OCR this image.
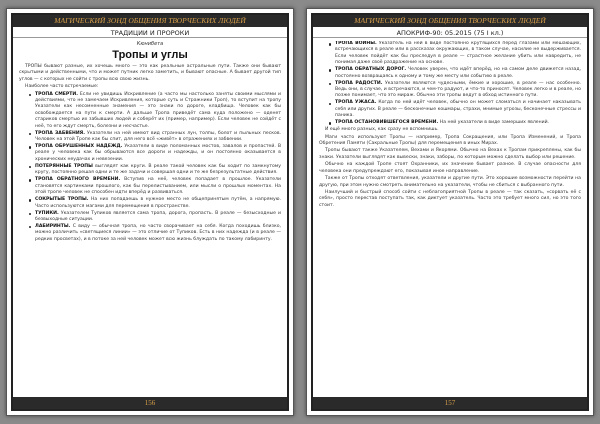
МАГИЧЕСКИЙ ЗОНД ОБЩЕНИЯ ТВОРЧЕСКИХ ЛЮДЕЙ
ТРАДИЦИИ И ПРОРОКИ
Кюнибета
Тропы и углы
ТРОПЫ бывают разные, их хочешь много — это как реальные астральные пути. Также они бывают скрытыми и действенными, что и может путник легко заметить, и бывают опасные. А бывает другой тип углов — с которых не сойти с тропы всю свою жизнь.
Наиболее часто встречаемые:
ТРОПА СМЕРТИ. Если не увидишь Искривление (а часто мы настолько заняты своими мыслями и действиями, что не замечаем Искривления, которые суть и Стражники Троп), то вступит на тропу Указатели как несомненные знамения — это знаки по дороге, кладбища. Человек как бы освобождается на пути к смерти. А дальше Тропа приведёт сама куда положено — оденет стариков смертью их забывших людей и соберёт их (пример, например). Если человек не сойдёт с неё, то его ждут смерть, болезни и несчастье.
ТРОПА ЗАБВЕНИЯ. Указатели на ней имеют вид странных лун, толпы, болот и пыльных песков. Человек на этой Тропе как бы спит, для него всё «живёт» в отражениях и забвении.
ТРОПА ОБРУШЕННЫХ НАДЕЖД. Указатели в виде поломанных мостов, завалов и пропастей. В реале у человека как бы обрываются все дороги и надежды, и он постоянно оказывается в хронических неудачах и невезении.
ПОТЕРЯННЫЕ ТРОПЫ выглядят как круги. В реале такой человек как бы ходит по замкнутому кругу, постоянно решая одни и те же задачи и совершая одни и те же безрезультатные действия.
ТРОПА ОБРАТНОГО ВРЕМЕНИ. Вступив на неё, человек попадает в прошлое. Указатели становятся картинками прошлого, как бы перелистыванием, или мысли о прошлых моментах. На этой тропе человек не способен идти вперёд и развиваться.
СОКРЫТЫЕ ТРОПЫ. На них попадаешь в нужное место не общепринятым путём, а напрямую. Часто используются магами для перемещения в пространстве.
ТУПИКИ. Указателем Тупиков является сама тропа, дорога, пропасть. В реале — безысходные и безвыходные ситуации.
ЛАБИРИНТЫ. С виду — обычная тропа, но часто сворачивает на себя. Когда походишь близко, можно различить «светящиеся линии» — это отличие от Тупиков. Есть в них надежда (и в реале — редких просветах), и в потоке за ней человек может всю жизнь блуждать по такому лабиринту.
156
МАГИЧЕСКИЙ ЗОНД ОБЩЕНИЯ ТВОРЧЕСКИХ ЛЮДЕЙ
АПОКРИФ-90: 05.2015 (75 I кл.)
ТРОПА ВОЙНЫ. Указатель на ней в виде постоянно крутящихся перед глазами или мешающих, встречающихся в реале или в рассказах окружающих, в таком случае, насилие не выдерживается. Если человек пойдёт как бы преследуя в реале — страстное желание убить или навредить, не понимая даже своё раздражение на основе.
ТРОПА ОБРАТНЫХ ДОРОГ. Человек уверен, что идёт вперёд, но на самом деле движется назад, постоянно возвращаясь к одному и тому же месту или событию в реале.
ТРОПА РАДОСТИ. Указатели являются чудесными, ёмкие и хорошие, в реале — нас особенно. Ведь они, в случае, и встречаются, и чем-то радуют, и что-то приносят. Человек легко и в реале, но позже понимает, что это мираж. Обычно эти тропы ведут в обход истинного пути.
ТРОПА УЖАСА. Когда по ней идёт человек, обычно он может сломаться и начинает наказывать себя или других. В реале — бесконечные кошмары, страхи, мнимые угрозы, бесконечные стрессы и паника.
ТРОПА ОСТАНОВИВШЕГОСЯ ВРЕМЕНИ. На ней указатели в виде замерших явлений.
И ещё много разных, как сразу не вспомнишь.
Маги часто используют Тропы — например, Тропа Сокращения, или Тропа Изменений, и Тропа Обретения Памяти (Сакральные Тропы) для перемещения в иных Мирах.
Тропы бывают также Указателем, Вехами и Якорями. Обычно на Вехах к Тропам прикреплены, как бы знаки. Указатели выглядят как вывески, знаки, заборы, по которым можно сделать выбор или решение.
Обычно на каждой Тропе стоят Охранники, их значение бывает разное. В случае опасности для человека они предупреждают его, показывая иное направление.
Также от Тропы отходят ответвления, указатели и другие пути. Это хорошие возможности перейти на другую, при этом нужно смотреть внимательно на указатели, чтобы не сбиться с выбранного пути.
Наилучший и быстрый способ сойти с неблагоприятной Тропы в реале — так сказать, «сорвать её с себя», просто перестав поступать так, как диктует указатель. Часто это требует много сил, но это того стоит.
157
